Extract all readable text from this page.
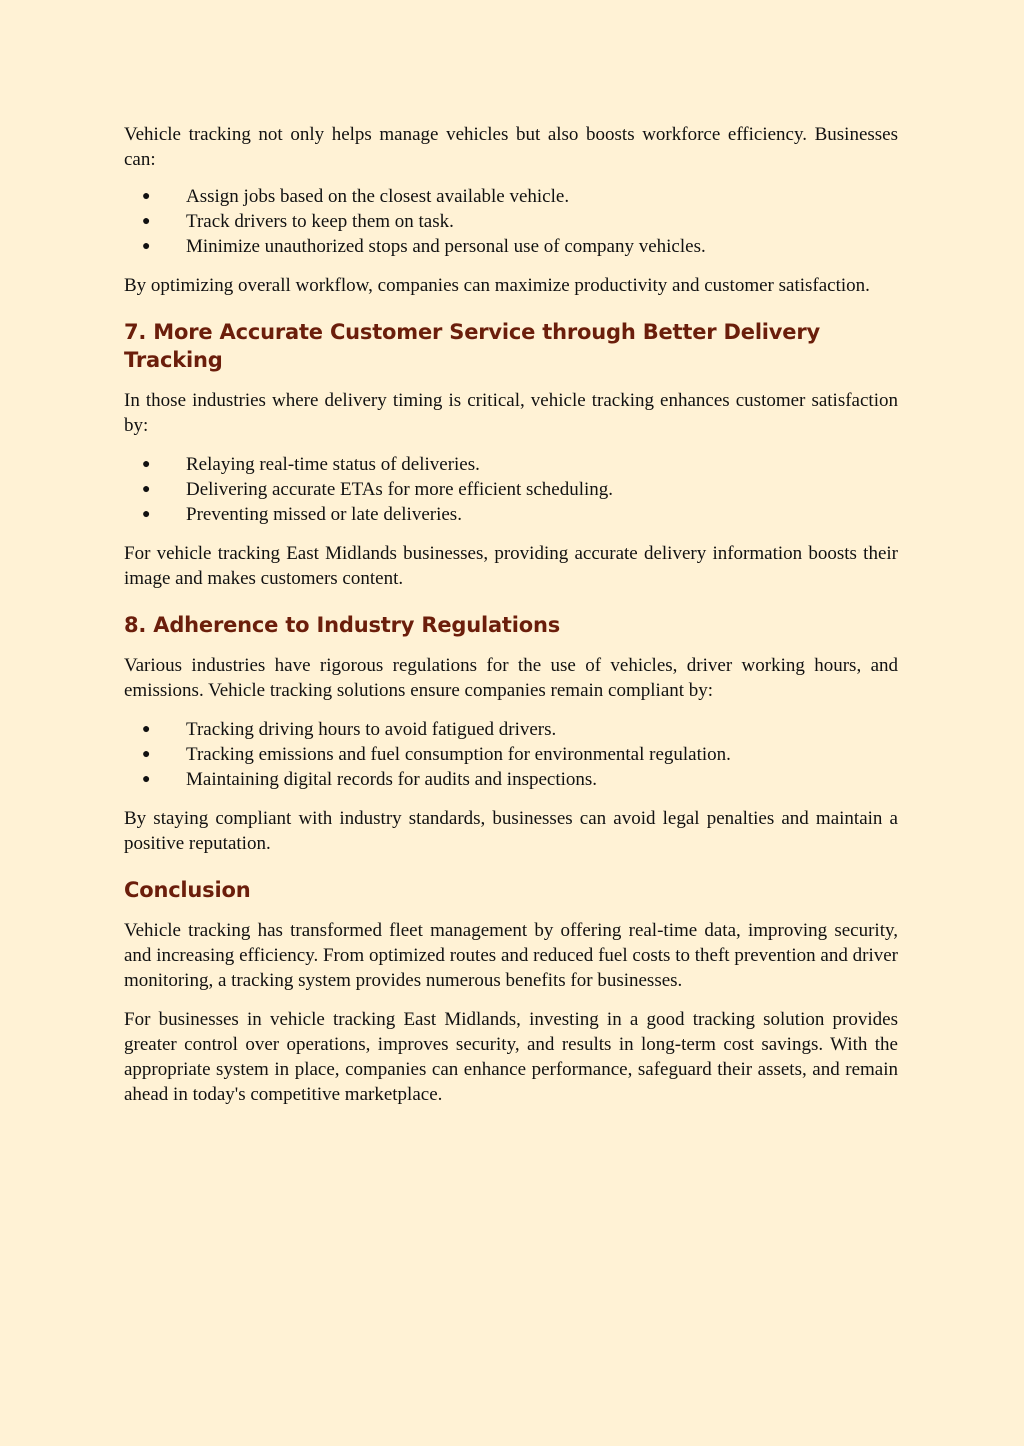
Vehicle tracking not only helps manage vehicles but also boosts workforce efficiency. Businesses can:

● Assign jobs based on the closest available vehicle.
● Track drivers to keep them on task.
● Minimize unauthorized stops and personal use of company vehicles.

By optimizing overall workflow, companies can maximize productivity and customer satisfaction.

7. More Accurate Customer Service through Better Delivery Tracking

In those industries where delivery timing is critical, vehicle tracking enhances customer satisfaction by:

● Relaying real-time status of deliveries.
● Delivering accurate ETAs for more efficient scheduling.
● Preventing missed or late deliveries.

For vehicle tracking East Midlands businesses, providing accurate delivery information boosts their image and makes customers content.

8. Adherence to Industry Regulations

Various industries have rigorous regulations for the use of vehicles, driver working hours, and emissions. Vehicle tracking solutions ensure companies remain compliant by:

● Tracking driving hours to avoid fatigued drivers.
● Tracking emissions and fuel consumption for environmental regulation.
● Maintaining digital records for audits and inspections.

By staying compliant with industry standards, businesses can avoid legal penalties and maintain a positive reputation.

Conclusion

Vehicle tracking has transformed fleet management by offering real-time data, improving security, and increasing efficiency. From optimized routes and reduced fuel costs to theft prevention and driver monitoring, a tracking system provides numerous benefits for businesses.

For businesses in vehicle tracking East Midlands, investing in a good tracking solution provides greater control over operations, improves security, and results in long-term cost savings. With the appropriate system in place, companies can enhance performance, safeguard their assets, and remain ahead in today's competitive marketplace.
